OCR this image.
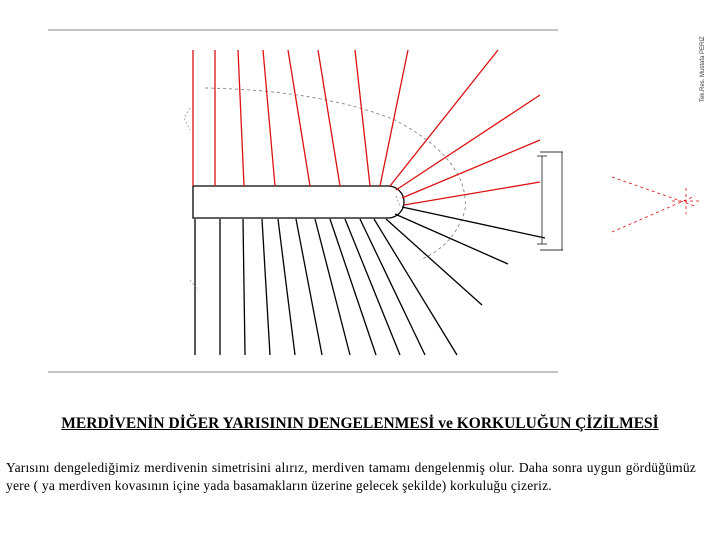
Tek.Res. Mustafa PERİZ
MERDİVENİN DİĞER YARISININ DENGELENMESİ ve KORKULUĞUN ÇİZİLMESİ
Yarısını dengelediğimiz merdivenin simetrisini alırız, merdiven tamamı dengelenmiş olur. Daha sonra uygun gördüğümüz yere ( ya merdiven kovasının içine yada basamakların üzerine gelecek şekilde) korkuluğu çizeriz.
